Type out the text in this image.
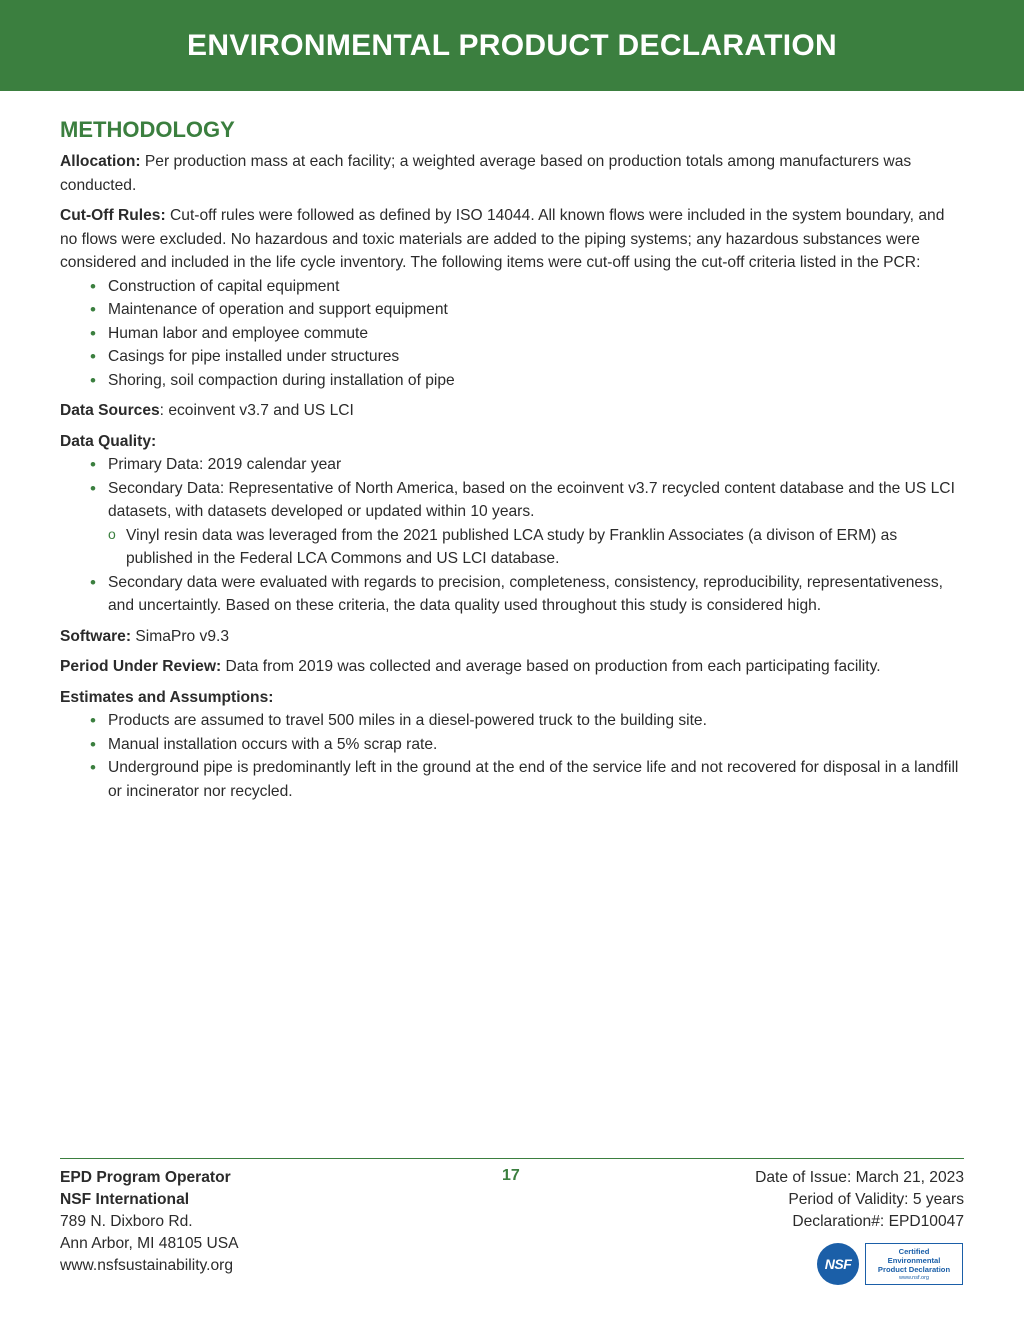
ENVIRONMENTAL PRODUCT DECLARATION
METHODOLOGY

Allocation: Per production mass at each facility; a weighted average based on production totals among manufacturers was conducted.

Cut-Off Rules: Cut-off rules were followed as defined by ISO 14044. All known flows were included in the system boundary, and no flows were excluded. No hazardous and toxic materials are added to the piping systems; any hazardous substances were considered and included in the life cycle inventory. The following items were cut-off using the cut-off criteria listed in the PCR:

• Construction of capital equipment
• Maintenance of operation and support equipment
• Human labor and employee commute
• Casings for pipe installed under structures
• Shoring, soil compaction during installation of pipe

Data Sources: ecoinvent v3.7 and US LCI

Data Quality:

• Primary Data: 2019 calendar year
• Secondary Data: Representative of North America, based on the ecoinvent v3.7 recycled content database and the US LCI datasets, with datasets developed or updated within 10 years.
o Vinyl resin data was leveraged from the 2021 published LCA study by Franklin Associates (a divison of ERM) as published in the Federal LCA Commons and US LCI database.
• Secondary data were evaluated with regards to precision, completeness, consistency, reproducibility, representativeness, and uncertaintly. Based on these criteria, the data quality used throughout this study is considered high.

Software: SimaPro v9.3

Period Under Review: Data from 2019 was collected and average based on production from each participating facility.

Estimates and Assumptions:

• Products are assumed to travel 500 miles in a diesel-powered truck to the building site.
• Manual installation occurs with a 5% scrap rate.
• Underground pipe is predominantly left in the ground at the end of the service life and not recovered for disposal in a landfill or incinerator nor recycled.
EPD Program Operator
NSF International
789 N. Dixboro Rd.
Ann Arbor, MI 48105 USA
www.nsfsustainability.org
17	Date of Issue: March 21, 2023
Period of Validity: 5 years
Declaration#: EPD10047
NSF
Certified
Environmental
Product Declaration
www.nsf.org
